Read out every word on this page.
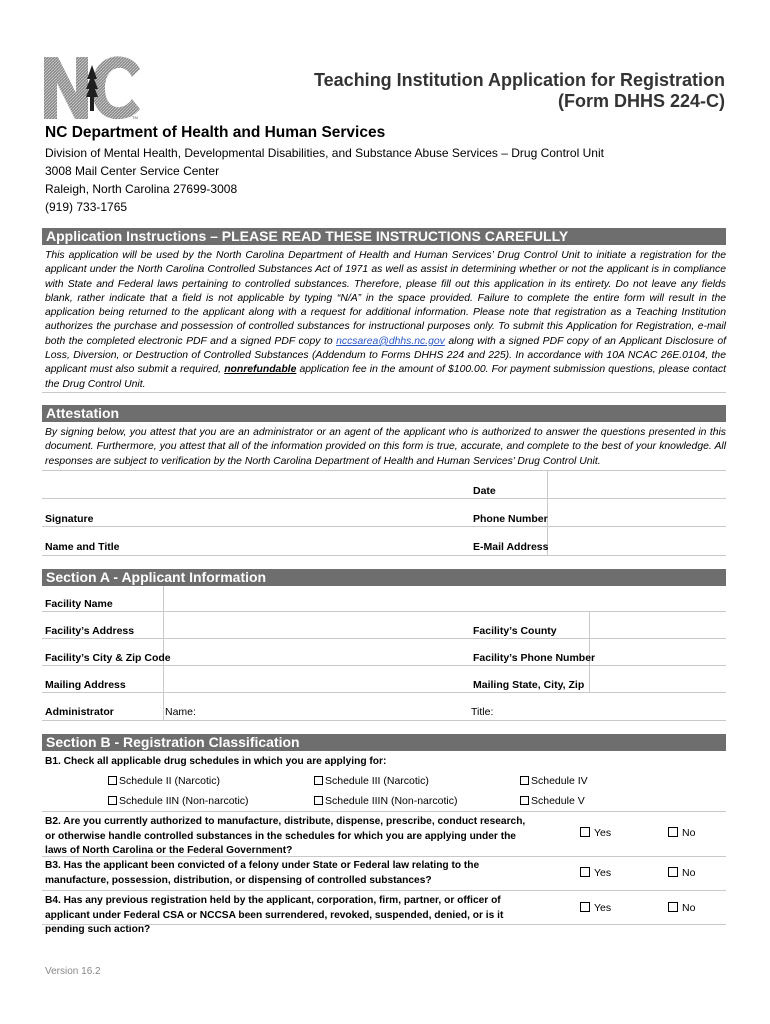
TM
Teaching Institution Application for Registration
(Form DHHS 224-C)
NC Department of Health and Human Services
Division of Mental Health, Developmental Disabilities, and Substance Abuse Services – Drug Control Unit
3008 Mail Center Service Center
Raleigh, North Carolina 27699-3008
(919) 733-1765
Application Instructions – PLEASE READ THESE INSTRUCTIONS CAREFULLY
This application will be used by the North Carolina Department of Health and Human Services’ Drug Control Unit to initiate a registration for the applicant under the North Carolina Controlled Substances Act of 1971 as well as assist in determining whether or not the applicant is in compliance with State and Federal laws pertaining to controlled substances. Therefore, please fill out this application in its entirety. Do not leave any fields blank, rather indicate that a field is not applicable by typing “N/A” in the space provided. Failure to complete the entire form will result in the application being returned to the applicant along with a request for additional information. Please note that registration as a Teaching Institution authorizes the purchase and possession of controlled substances for instructional purposes only. To submit this Application for Registration, e-mail both the completed electronic PDF and a signed PDF copy to nccsarea@dhhs.nc.gov along with a signed PDF copy of an Applicant Disclosure of Loss, Diversion, or Destruction of Controlled Substances (Addendum to Forms DHHS 224 and 225). In accordance with 10A NCAC 26E.0104, the applicant must also submit a required, nonrefundable application fee in the amount of $100.00. For payment submission questions, please contact the Drug Control Unit.
Attestation
By signing below, you attest that you are an administrator or an agent of the applicant who is authorized to answer the questions presented in this document. Furthermore, you attest that all of the information provided on this form is true, accurate, and complete to the best of your knowledge. All responses are subject to verification by the North Carolina Department of Health and Human Services’ Drug Control Unit.
Date
Signature	Phone Number
Name and Title	E-Mail Address
Section A - Applicant Information
Facility Name
Facility’s Address	Facility’s County
Facility’s City & Zip Code	Facility’s Phone Number
Mailing Address	Mailing State, City, Zip
Administrator	Name:	Title:
Section B - Registration Classification
B1. Check all applicable drug schedules in which you are applying for:
Schedule II (Narcotic)	Schedule III (Narcotic)	Schedule IV
Schedule IIN (Non-narcotic)	Schedule IIIN (Non-narcotic)	Schedule V
B2. Are you currently authorized to manufacture, distribute, dispense, prescribe, conduct research, or otherwise handle controlled substances in the schedules for which you are applying under the laws of North Carolina or the Federal Government?
Yes	No
B3. Has the applicant been convicted of a felony under State or Federal law relating to the manufacture, possession, distribution, or dispensing of controlled substances?
Yes	No
B4. Has any previous registration held by the applicant, corporation, firm, partner, or officer of applicant under Federal CSA or NCCSA been surrendered, revoked, suspended, denied, or is it pending such action?
Yes	No
Version 16.2
